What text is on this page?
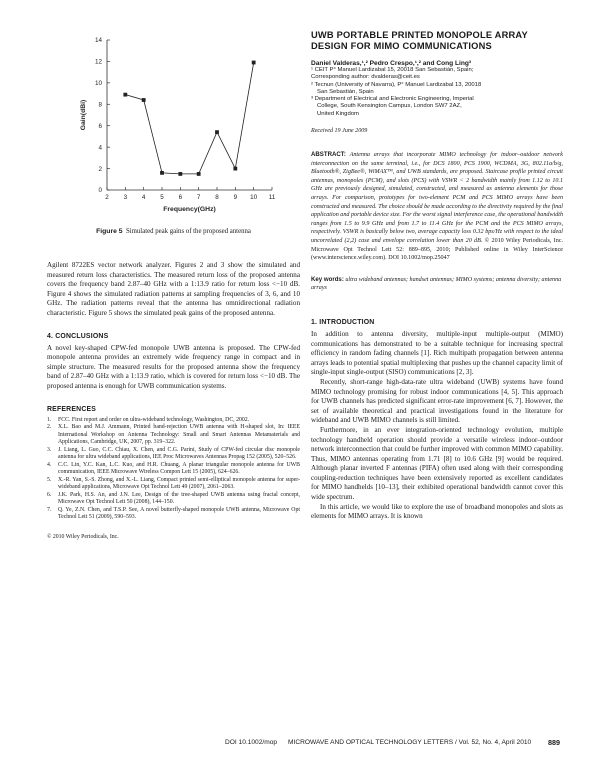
2 3 4 5 6 7 8 9 10 11
0
2
4
6
8
10
12
14
Frequency(GHz)
Gain(dBi)
Figure 5 Simulated peak gains of the proposed antenna

Agilent 8722ES vector network analyzer. Figures 2 and 3 show the simulated and measured return loss characteristics. The measured return loss of the proposed antenna covers the frequency band 2.87–40 GHz with a 1:13.9 ratio for return loss <−10 dB. Figure 4 shows the simulated radiation patterns at sampling frequencies of 3, 6, and 10 GHz. The radiation patterns reveal that the antenna has omnidirectional radiation characteristic. Figure 5 shows the simulated peak gains of the proposed antenna.

4. CONCLUSIONS

A novel key-shaped CPW-fed monopole UWB antenna is proposed. The CPW-fed monopole antenna provides an extremely wide frequency range in compact and in simple structure. The measured results for the proposed antenna show the frequency band of 2.87–40 GHz with a 1:13.9 ratio, which is covered for return loss <−10 dB. The proposed antenna is enough for UWB communication systems.

REFERENCES
1.	FCC. First report and order on ultra-wideband technology, Washington, DC, 2002.
2.	X.L. Bao and M.J. Ammann, Printed band-rejection UWB antenna with H-shaped slot, In: IEEE International Workshop on Antenna Technology: Small and Smart Antennas Metamaterials and Applications, Cambridge, UK, 2007, pp. 319–322.
3.	J. Liang, L. Guo, C.C. Chiau, X. Chen, and C.G. Parini, Study of CPW-fed circular disc monopole antenna for ultra wideband applications, IEE Proc Microwaves Antennas Propag 152 (2005), 520–526.
4.	C.C. Lin, Y.C. Kan, L.C. Kuo, and H.R. Chuang, A planar triangular monopole antenna for UWB communication, IEEE Microwave Wireless Compon Lett 15 (2005), 624–626.
5.	X.-R. Yan, S.-S. Zhong, and X.-L. Liang, Compact printed semi-elliptical monopole antenna for super-wideband applications, Microwave Opt Technol Lett 49 (2007), 2061–2063.
6.	J.K. Park, H.S. An, and J.N. Lee, Design of the tree-shaped UWB antenna using fractal concept, Microwave Opt Technol Lett 50 (2008), 144–150.
7.	Q. Ye, Z.N. Chen, and T.S.P. See, A novel butterfly-shaped monopole UWB antenna, Microwave Opt Technol Lett 51 (2009), 590–593.
© 2010 Wiley Periodicals, Inc.
UWB PORTABLE PRINTED MONOPOLE ARRAY DESIGN FOR MIMO COMMUNICATIONS
Daniel Valderas,¹,² Pedro Crespo,¹,² and Cong Ling³
¹ CEIT P° Manuel Lardizabal 15, 20018 San Sebastián, Spain;
Corresponding author: dvalderas@ceit.es
² Tecnun (University of Navarra), P° Manuel Lardizabal 13, 20018
San Sebastián, Spain
³ Department of Electrical and Electronic Engineering, Imperial
College, South Kensington Campus, London SW7 2AZ,
United Kingdom
Received 19 June 2009
ABSTRACT: Antenna arrays that incorporate MIMO technology for indoor–outdoor network interconnection on the same terminal, i.e., for DCS 1800, PCS 1900, WCDMA, 3G, 802.11a/b/g, Bluetooth®, ZigBee®, WiMAX™, and UWB standards, are proposed. Staircase profile printed circuit antennas, monopoles (PCM), and slots (PCS) with VSWR < 2 bandwidth mainly from 1.12 to 10.1 GHz are previously designed, simulated, constructed, and measured as antenna elements for those arrays. For comparison, prototypes for two-element PCM and PCS MIMO arrays have been constructed and measured. The choice should be made according to the directivity required by the final application and portable device size. For the worst signal interference case, the operational bandwidth ranges from 1.5 to 9.9 GHz and from 1.7 to 11.4 GHz for the PCM and the PCS MIMO arrays, respectively. VSWR is basically below two, average capacity loss 0.32 bps/Hz with respect to the ideal uncorrelated (2,2) case and envelope correlation lower than 20 dB. © 2010 Wiley Periodicals, Inc. Microwave Opt Technol Lett 52: 889–895, 2010; Published online in Wiley InterScience (www.interscience.wiley.com). DOI 10.1002/mop.25047
Key words: ultra wideband antennas; handset antennas; MIMO systems; antenna diversity; antenna arrays
1. INTRODUCTION

In addition to antenna diversity, multiple-input multiple-output (MIMO) communications has demonstrated to be a suitable technique for increasing spectral efficiency in random fading channels [1]. Rich multipath propagation between antenna arrays leads to potential spatial multiplexing that pushes up the channel capacity limit of single-input single-output (SISO) communications [2, 3].

Recently, short-range high-data-rate ultra wideband (UWB) systems have found MIMO technology promising for robust indoor communications [4, 5]. This approach for UWB channels has predicted significant error-rate improvement [6, 7]. However, the set of available theoretical and practical investigations found in the literature for wideband and UWB MIMO channels is still limited.

Furthermore, in an ever integration-oriented technology evolution, multiple technology handheld operation should provide a versatile wireless indoor–outdoor network interconnection that could be further improved with common MIMO capability. Thus, MIMO antennas operating from 1.71 [8] to 10.6 GHz [9] would be required. Although planar inverted F antennas (PIFA) often used along with their corresponding coupling-reduction techniques have been extensively reported as excellent candidates for MIMO handhelds [10–13], their exhibited operational bandwidth cannot cover this wide spectrum.

In this article, we would like to explore the use of broadband monopoles and slots as elements for MIMO arrays. It is known

DOI 10.1002/mop MICROWAVE AND OPTICAL TECHNOLOGY LETTERS / Vol. 52, No. 4, April 2010 889
